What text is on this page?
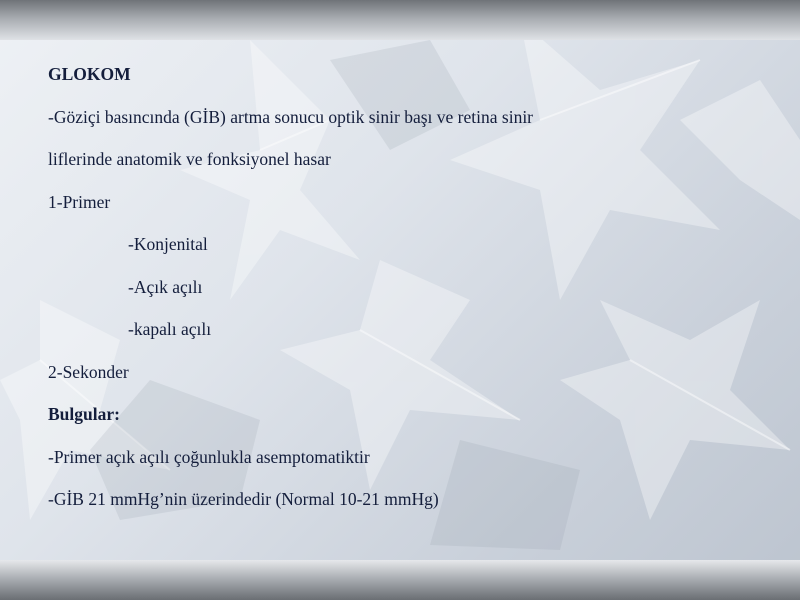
GLOKOM
-Göziçi basıncında (GİB) artma sonucu optik sinir başı ve retina sinir
liflerinde anatomik ve fonksiyonel hasar
1-Primer
-Konjenital
-Açık açılı
-kapalı açılı
2-Sekonder
Bulgular:
-Primer açık açılı çoğunlukla asemptomatiktir
-GİB 21 mmHg’nin üzerindedir (Normal 10-21 mmHg)
